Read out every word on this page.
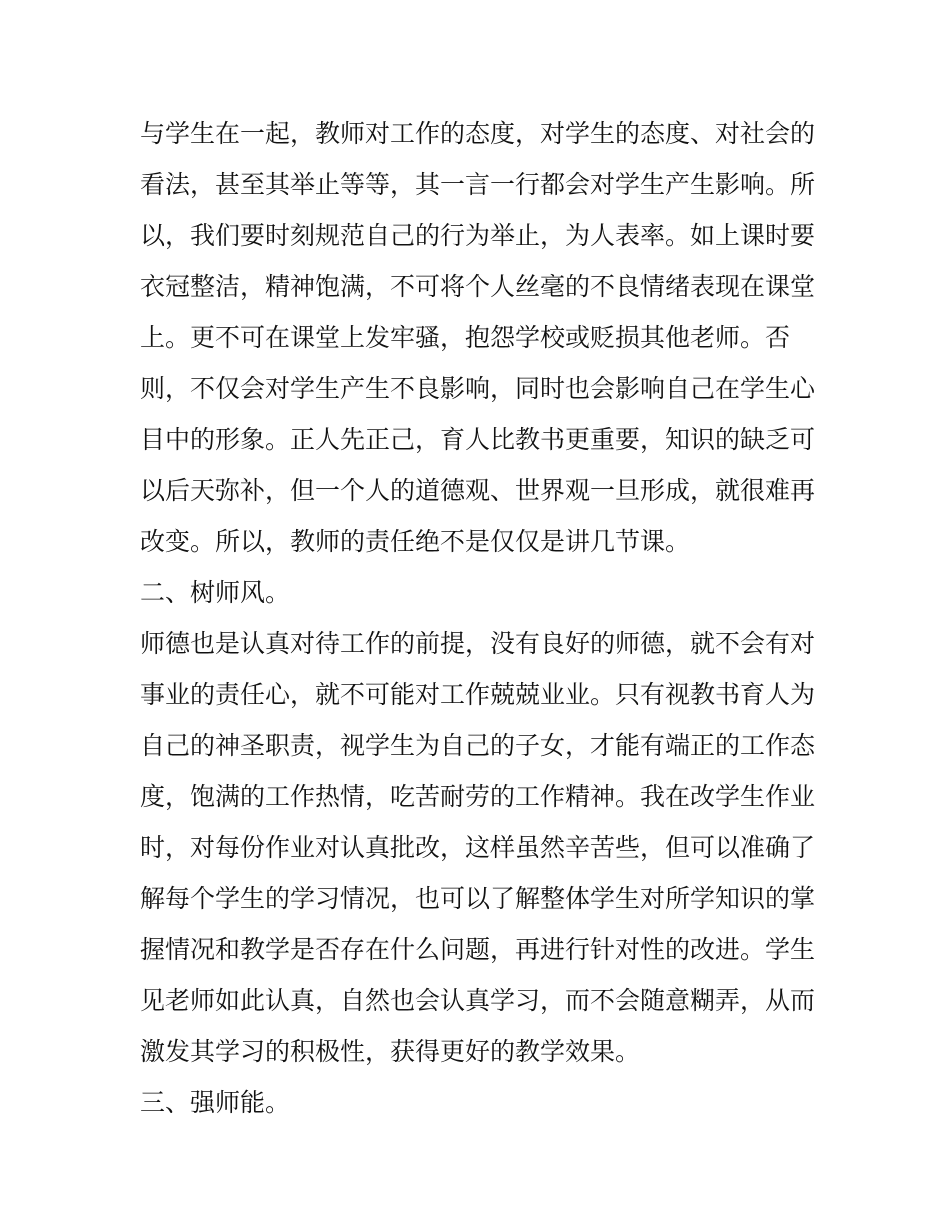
与学生在一起，教师对工作的态度，对学生的态度、对社会的
看法，甚至其举止等等，其一言一行都会对学生产生影响。所
以，我们要时刻规范自己的行为举止，为人表率。如上课时要
衣冠整洁，精神饱满，不可将个人丝毫的不良情绪表现在课堂
上。更不可在课堂上发牢骚，抱怨学校或贬损其他老师。否
则，不仅会对学生产生不良影响，同时也会影响自己在学生心
目中的形象。正人先正己，育人比教书更重要，知识的缺乏可
以后天弥补，但一个人的道德观、世界观一旦形成，就很难再
改变。所以，教师的责任绝不是仅仅是讲几节课。
二、树师风。
师德也是认真对待工作的前提，没有良好的师德，就不会有对
事业的责任心，就不可能对工作兢兢业业。只有视教书育人为
自己的神圣职责，视学生为自己的子女，才能有端正的工作态
度，饱满的工作热情，吃苦耐劳的工作精神。我在改学生作业
时，对每份作业对认真批改，这样虽然辛苦些，但可以准确了
解每个学生的学习情况，也可以了解整体学生对所学知识的掌
握情况和教学是否存在什么问题，再进行针对性的改进。学生
见老师如此认真，自然也会认真学习，而不会随意糊弄，从而
激发其学习的积极性，获得更好的教学效果。
三、强师能。
